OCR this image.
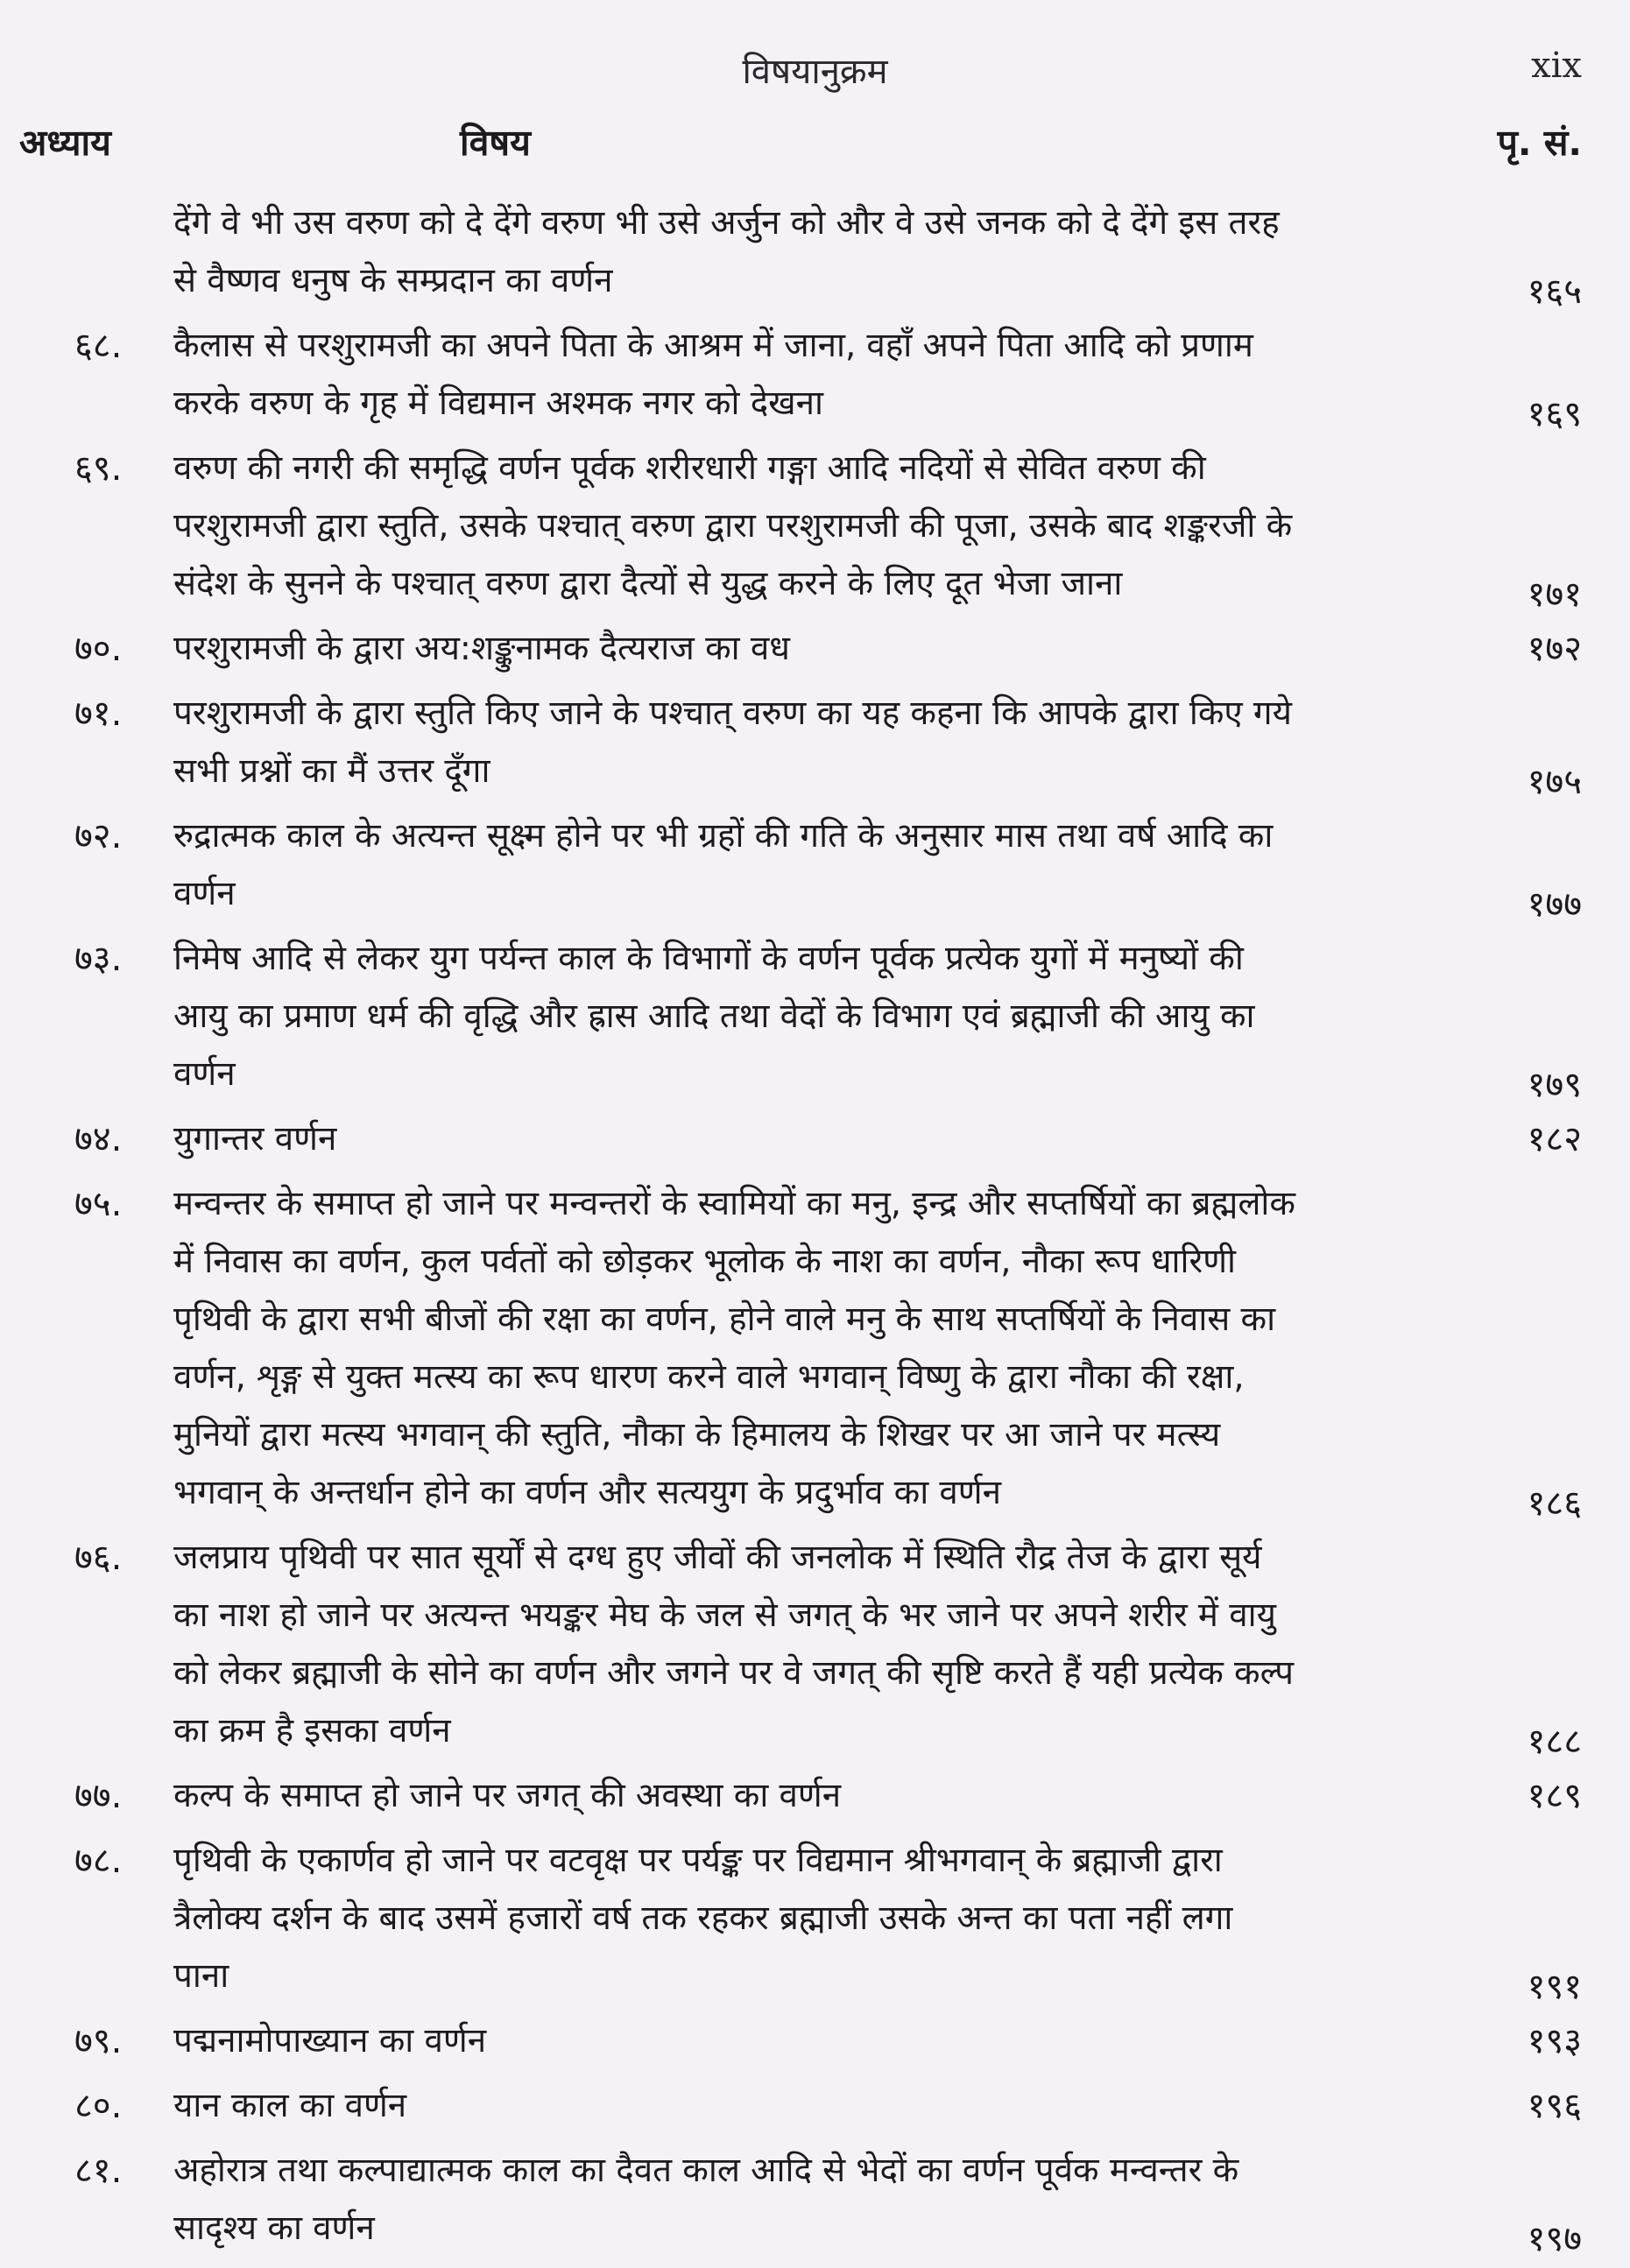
विषयानुक्रम	xix
अध्याय	विषय	पृ. सं.
देंगे वे भी उस वरुण को दे देंगे वरुण भी उसे अर्जुन को और वे उसे जनक को दे देंगे इस तरह
से वैष्णव धनुष के सम्प्रदान का वर्णन	१६५
६८. कैलास से परशुरामजी का अपने पिता के आश्रम में जाना, वहाँ अपने पिता आदि को प्रणाम
करके वरुण के गृह में विद्यमान अश्मक नगर को देखना	१६९
६९. वरुण की नगरी की समृद्धि वर्णन पूर्वक शरीरधारी गङ्गा आदि नदियों से सेवित वरुण की
परशुरामजी द्वारा स्तुति, उसके पश्चात् वरुण द्वारा परशुरामजी की पूजा, उसके बाद शङ्करजी के
संदेश के सुनने के पश्चात् वरुण द्वारा दैत्यों से युद्ध करने के लिए दूत भेजा जाना	१७१
७०. परशुरामजी के द्वारा अय:शङ्कुनामक दैत्यराज का वध	१७२
७१. परशुरामजी के द्वारा स्तुति किए जाने के पश्चात् वरुण का यह कहना कि आपके द्वारा किए गये
सभी प्रश्नों का मैं उत्तर दूँगा	१७५
७२. रुद्रात्मक काल के अत्यन्त सूक्ष्म होने पर भी ग्रहों की गति के अनुसार मास तथा वर्ष आदि का
वर्णन	१७७
७३. निमेष आदि से लेकर युग पर्यन्त काल के विभागों के वर्णन पूर्वक प्रत्येक युगों में मनुष्यों की
आयु का प्रमाण धर्म की वृद्धि और ह्रास आदि तथा वेदों के विभाग एवं ब्रह्माजी की आयु का
वर्णन	१७९
७४. युगान्तर वर्णन	१८२
७५. मन्वन्तर के समाप्त हो जाने पर मन्वन्तरों के स्वामियों का मनु, इन्द्र और सप्तर्षियों का ब्रह्मलोक
में निवास का वर्णन, कुल पर्वतों को छोड़कर भूलोक के नाश का वर्णन, नौका रूप धारिणी
पृथिवी के द्वारा सभी बीजों की रक्षा का वर्णन, होने वाले मनु के साथ सप्तर्षियों के निवास का
वर्णन, शृङ्ग से युक्त मत्स्य का रूप धारण करने वाले भगवान् विष्णु के द्वारा नौका की रक्षा,
मुनियों द्वारा मत्स्य भगवान् की स्तुति, नौका के हिमालय के शिखर पर आ जाने पर मत्स्य
भगवान् के अन्तर्धान होने का वर्णन और सत्ययुग के प्रदुर्भाव का वर्णन	१८६
७६. जलप्राय पृथिवी पर सात सूर्यों से दग्ध हुए जीवों की जनलोक में स्थिति रौद्र तेज के द्वारा सूर्य
का नाश हो जाने पर अत्यन्त भयङ्कर मेघ के जल से जगत् के भर जाने पर अपने शरीर में वायु
को लेकर ब्रह्माजी के सोने का वर्णन और जगने पर वे जगत् की सृष्टि करते हैं यही प्रत्येक कल्प
का क्रम है इसका वर्णन	१८८
७७. कल्प के समाप्त हो जाने पर जगत् की अवस्था का वर्णन	१८९
७८. पृथिवी के एकार्णव हो जाने पर वटवृक्ष पर पर्यङ्क पर विद्यमान श्रीभगवान् के ब्रह्माजी द्वारा
त्रैलोक्य दर्शन के बाद उसमें हजारों वर्ष तक रहकर ब्रह्माजी उसके अन्त का पता नहीं लगा
पाना	१९१
७९. पद्मनामोपाख्यान का वर्णन	१९३
८०. यान काल का वर्णन	१९६
८१. अहोरात्र तथा कल्पाद्यात्मक काल का दैवत काल आदि से भेदों का वर्णन पूर्वक मन्वन्तर के
सादृश्य का वर्णन	१९७
